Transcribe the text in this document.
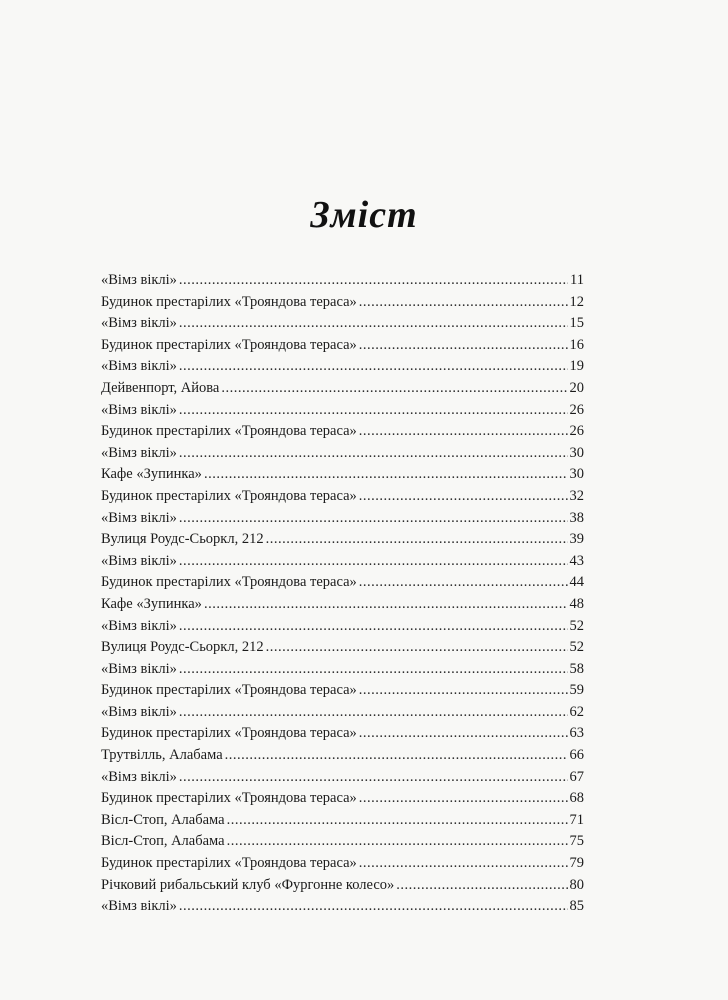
Зміст
«Вімз віклі» .....	11
Будинок престарілих «Трояндова тераса» .....	12
«Вімз віклі» .....	15
Будинок престарілих «Трояндова тераса» .....	16
«Вімз віклі» .....	19
Дейвенпорт, Айова .....	20
«Вімз віклі» .....	26
Будинок престарілих «Трояндова тераса» .....	26
«Вімз віклі» .....	30
Кафе «Зупинка» .....	30
Будинок престарілих «Трояндова тераса» .....	32
«Вімз віклі» .....	38
Вулиця Роудс-Сьоркл, 212 .....	39
«Вімз віклі» .....	43
Будинок престарілих «Трояндова тераса» .....	44
Кафе «Зупинка» .....	48
«Вімз віклі» .....	52
Вулиця Роудс-Сьоркл, 212 .....	52
«Вімз віклі» .....	58
Будинок престарілих «Трояндова тераса» .....	59
«Вімз віклі» .....	62
Будинок престарілих «Трояндова тераса» .....	63
Трутвілль, Алабама .....	66
«Вімз віклі» .....	67
Будинок престарілих «Трояндова тераса» .....	68
Вісл-Стоп, Алабама .....	71
Вісл-Стоп, Алабама .....	75
Будинок престарілих «Трояндова тераса» .....	79
Річковий рибальський клуб «Фургонне колесо» .....	80
«Вімз віклі» .....	85
